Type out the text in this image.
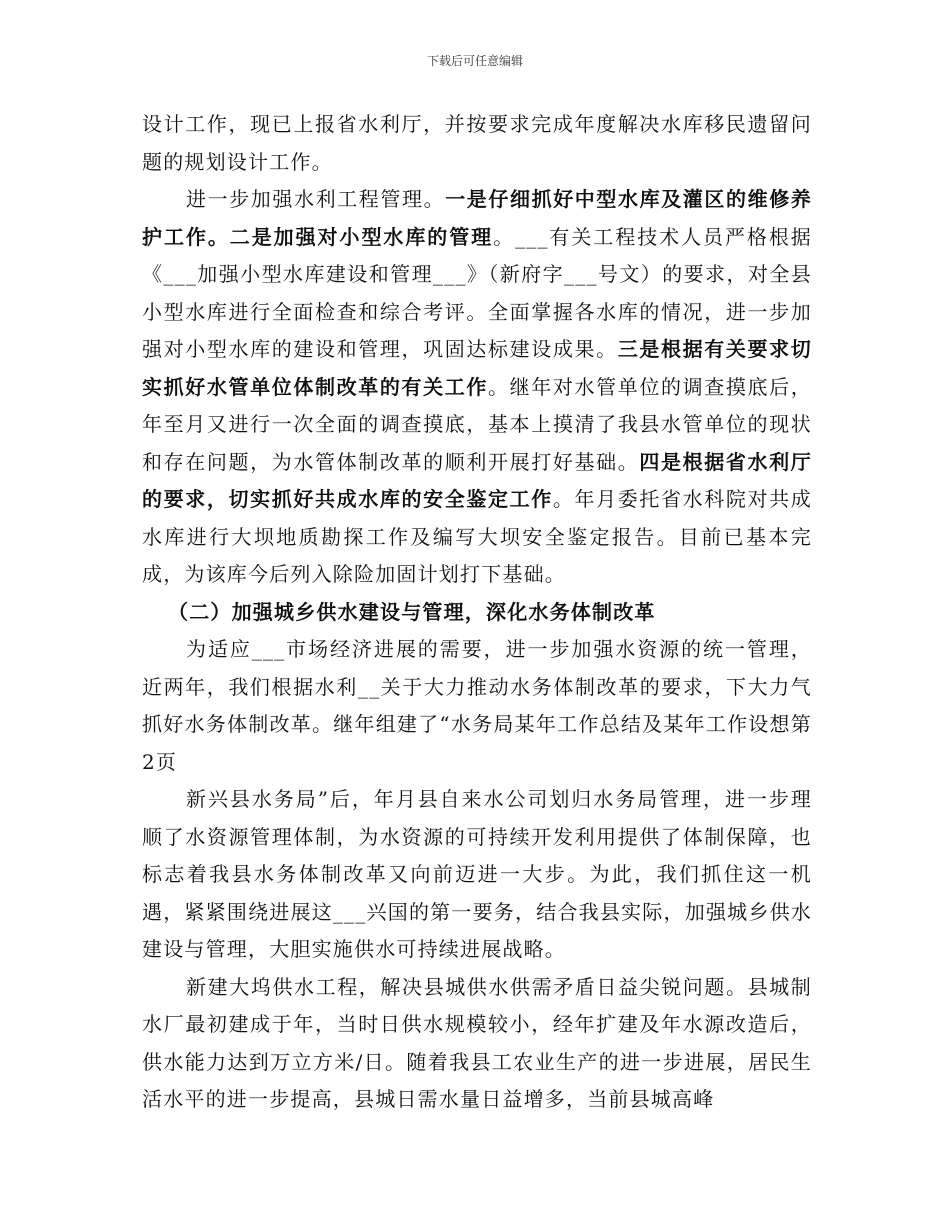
下载后可任意编辑

设计工作，现已上报省水利厅，并按要求完成年度解决水库移民遗留问题的规划设计工作。

进一步加强水利工程管理。一是仔细抓好中型水库及灌区的维修养护工作。二是加强对小型水库的管理。___有关工程技术人员严格根据《___加强小型水库建设和管理___》（新府字___号文）的要求，对全县小型水库进行全面检查和综合考评。全面掌握各水库的情况，进一步加强对小型水库的建设和管理，巩固达标建设成果。三是根据有关要求切实抓好水管单位体制改革的有关工作。继年对水管单位的调查摸底后，年至月又进行一次全面的调查摸底，基本上摸清了我县水管单位的现状和存在问题，为水管体制改革的顺利开展打好基础。四是根据省水利厅的要求，切实抓好共成水库的安全鉴定工作。年月委托省水科院对共成水库进行大坝地质勘探工作及编写大坝安全鉴定报告。目前已基本完成，为该库今后列入除险加固计划打下基础。

（二）加强城乡供水建设与管理，深化水务体制改革

为适应___市场经济进展的需要，进一步加强水资源的统一管理，近两年，我们根据水利__关于大力推动水务体制改革的要求，下大力气抓好水务体制改革。继年组建了“水务局某年工作总结及某年工作设想第2页

新兴县水务局”后，年月县自来水公司划归水务局管理，进一步理顺了水资源管理体制，为水资源的可持续开发利用提供了体制保障，也标志着我县水务体制改革又向前迈进一大步。为此，我们抓住这一机遇，紧紧围绕进展这___兴国的第一要务，结合我县实际，加强城乡供水建设与管理，大胆实施供水可持续进展战略。

新建大坞供水工程，解决县城供水供需矛盾日益尖锐问题。县城制水厂最初建成于年，当时日供水规模较小，经年扩建及年水源改造后，供水能力达到万立方米/日。随着我县工农业生产的进一步进展，居民生活水平的进一步提高，县城日需水量日益增多，当前县城高峰
